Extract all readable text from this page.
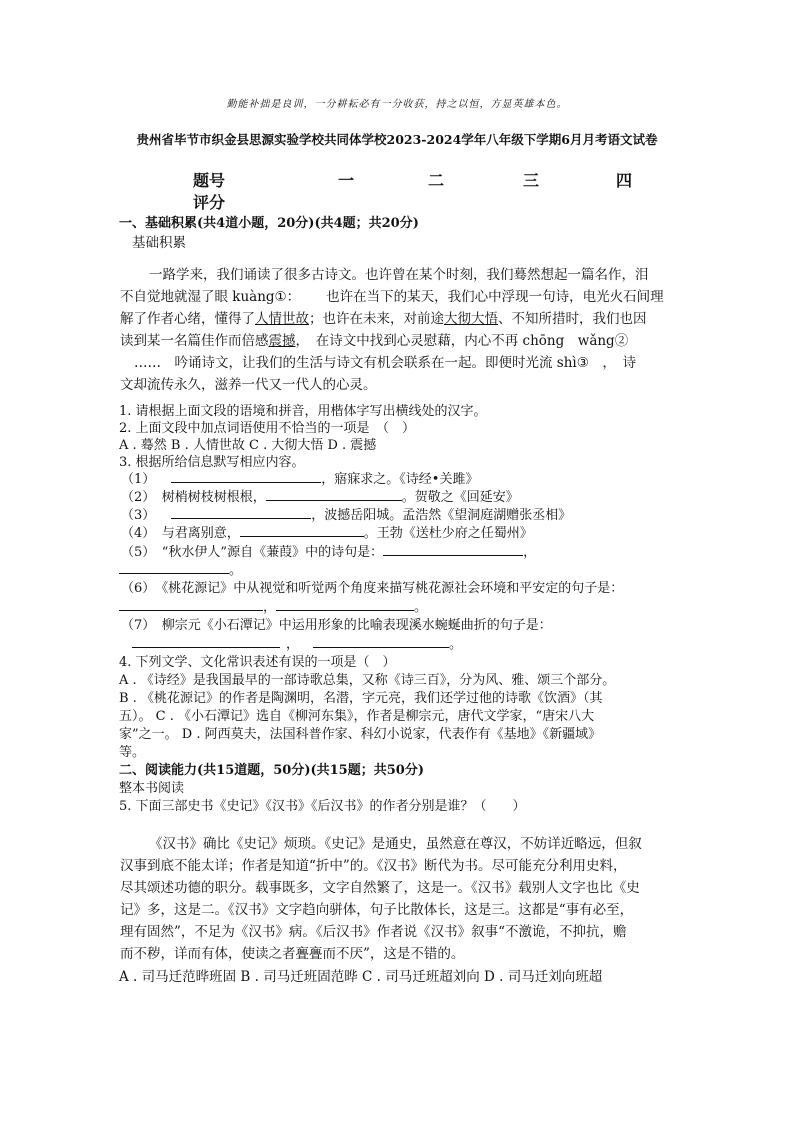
勤能补拙是良训，一分耕耘必有一分收获，持之以恒，方显英雄本色。
贵州省毕节市织金县思源实验学校共同体学校2023-2024学年八年级下学期6月月考语文试卷
题号	一	二	三	四
评分
一、基础积累(共4道小题，20分)(共4题；共20分)
基础积累
一路学来，我们诵读了很多古诗文。也许曾在某个时刻，我们蓦然想起一篇名作，泪
不自觉地就湿了眼 kuàng①： 也许在当下的某天，我们心中浮现一句诗，电光火石间理
解了作者心绪，懂得了人情世故；也许在未来，对前途大彻大悟、不知所措时，我们也因
读到某一名篇佳作而倍感震撼，　在诗文中找到心灵慰藉，内心不再 chōng　wǎng②
……　吟诵诗文，让我们的生活与诗文有机会联系在一起。即便时光流 shì③　，　诗
文却流传永久，滋养一代又一代人的心灵。
1. 请根据上面文段的语境和拼音，用楷体字写出横线处的汉字。
2. 上面文段中加点词语使用不恰当的一项是　（　）
A . 蓦然 B . 人情世故 C . 大彻大悟 D . 震撼
3. 根据所给信息默写相应内容。
（1）	，寤寐求之。《诗经•关雎》
（2）　树梢树枝树根根，	。贺敬之《回延安》
（3）	，波撼岳阳城。孟浩然《望洞庭湖赠张丞相》
（4）　与君离别意，	。王勃《送杜少府之任蜀州》
（5）　“秋水伊人”源自《蒹葭》中的诗句是：	，
。
（6）　《桃花源记》中从视觉和听觉两个角度来描写桃花源社会环境和平安定的句子是：
，	。
（7）　柳宗元《小石潭记》中运用形象的比喻表现溪水蜿蜒曲折的句子是：
，	。
4. 下列文学、文化常识表述有误的一项是（　）
A . 《诗经》是我国最早的一部诗歌总集，又称《诗三百》，分为风、雅、颂三个部分。
B . 《桃花源记》的作者是陶渊明，名潜，字元亮，我们还学过他的诗歌《饮酒》（其
五）。 C . 《小石潭记》选自《柳河东集》，作者是柳宗元，唐代文学家，“唐宋八大
家”之一。 D . 阿西莫夫，法国科普作家、科幻小说家，代表作有《基地》《新疆域》
等。
二、阅读能力(共15道题，50分)(共15题；共50分)
整本书阅读
5. 下面三部史书《史记》《汉书》《后汉书》的作者分别是谁？（　　）
《汉书》确比《史记》烦琐。《史记》是通史，虽然意在尊汉，不妨详近略远，但叙
汉事到底不能太详；作者是知道“折中”的。《汉书》断代为书。尽可能充分利用史料，
尽其颂述功德的职分。载事既多，文字自然繁了，这是一。《汉书》载别人文字也比《史
记》多，这是二。《汉书》文字趋向骈体，句子比散体长，这是三。这都是“事有必至，
理有固然”，不足为《汉书》病。《后汉书》作者说《汉书》叙事“不激诡，不抑抗，赡
而不秽，详而有体，使读之者亹亹而不厌”，这是不错的。
A . 司马迁范晔班固 B . 司马迁班固范晔 C . 司马迁班超刘向 D . 司马迁刘向班超
